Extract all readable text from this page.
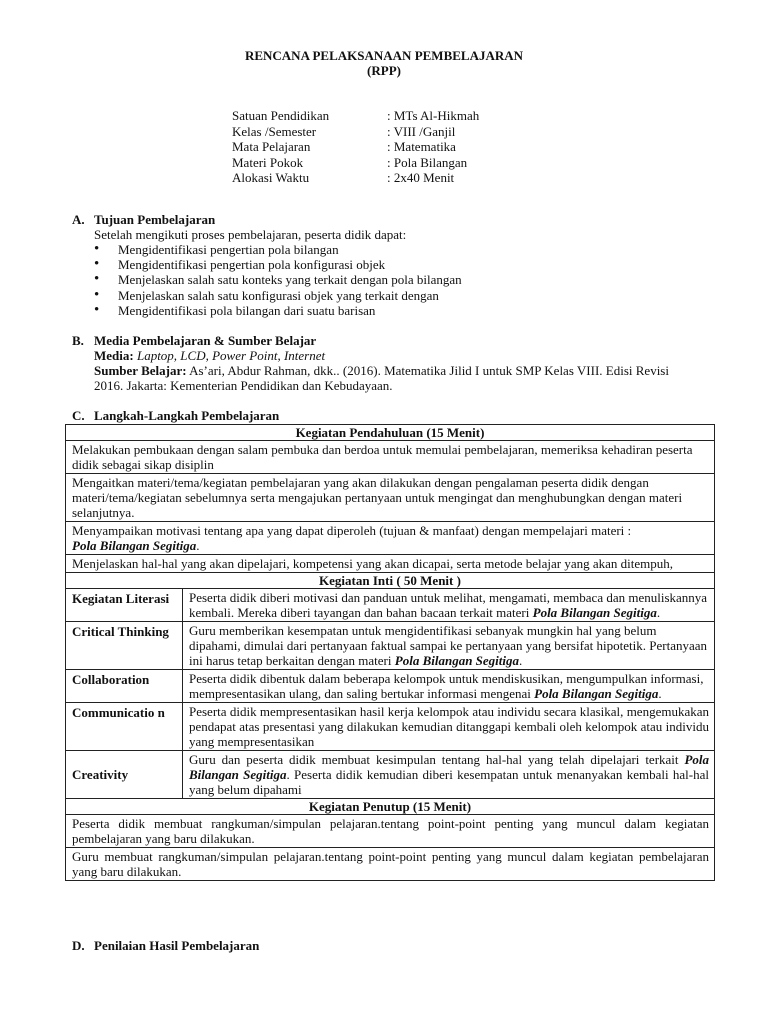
RENCANA PELAKSANAAN PEMBELAJARAN
(RPP)
Satuan Pendidikan	: MTs Al-Hikmah
Kelas /Semester	: VIII /Ganjil
Mata Pelajaran	: Matematika
Materi Pokok	: Pola Bilangan
Alokasi Waktu	: 2x40 Menit
A. Tujuan Pembelajaran
Setelah mengikuti proses pembelajaran, peserta didik dapat:
• Mengidentifikasi pengertian pola bilangan
• Mengidentifikasi pengertian pola konfigurasi objek
• Menjelaskan salah satu konteks yang terkait dengan pola bilangan
• Menjelaskan salah satu konfigurasi objek yang terkait dengan
• Mengidentifikasi pola bilangan dari suatu barisan
B. Media Pembelajaran & Sumber Belajar
Media: Laptop, LCD, Power Point, Internet
Sumber Belajar: As’ari, Abdur Rahman, dkk.. (2016). Matematika Jilid I untuk SMP Kelas VIII. Edisi Revisi 2016. Jakarta: Kementerian Pendidikan dan Kebudayaan.
C. Langkah-Langkah Pembelajaran
Kegiatan Pendahuluan (15 Menit)	
Melakukan pembukaan dengan salam pembuka dan berdoa untuk memulai pembelajaran, memeriksa kehadiran peserta didik sebagai sikap disiplin	
Mengaitkan materi/tema/kegiatan pembelajaran yang akan dilakukan dengan pengalaman peserta didik dengan materi/tema/kegiatan sebelumnya serta mengajukan pertanyaan untuk mengingat dan menghubungkan dengan materi selanjutnya.	
Menyampaikan motivasi tentang apa yang dapat diperoleh (tujuan & manfaat) dengan mempelajari materi :
Pola Bilangan Segitiga.	
Menjelaskan hal-hal yang akan dipelajari, kompetensi yang akan dicapai, serta metode belajar yang akan ditempuh,	
Kegiatan Inti ( 50 Menit )	
Kegiatan Literasi	Peserta didik diberi motivasi dan panduan untuk melihat, mengamati, membaca dan menuliskannya kembali. Mereka diberi tayangan dan bahan bacaan terkait materi Pola Bilangan Segitiga.
Critical Thinking	Guru memberikan kesempatan untuk mengidentifikasi sebanyak mungkin hal yang belum dipahami, dimulai dari pertanyaan faktual sampai ke pertanyaan yang bersifat hipotetik. Pertanyaan ini harus tetap berkaitan dengan materi Pola Bilangan Segitiga.
Collaboration	Peserta didik dibentuk dalam beberapa kelompok untuk mendiskusikan, mengumpulkan informasi, mempresentasikan ulang, dan saling bertukar informasi mengenai Pola Bilangan Segitiga.
Communicatio n	Peserta didik mempresentasikan hasil kerja kelompok atau individu secara klasikal, mengemukakan pendapat atas presentasi yang dilakukan kemudian ditanggapi kembali oleh kelompok atau individu yang mempresentasikan
Creativity	Guru dan peserta didik membuat kesimpulan tentang hal-hal yang telah dipelajari terkait Pola Bilangan Segitiga. Peserta didik kemudian diberi kesempatan untuk menanyakan kembali hal-hal yang belum dipahami
Kegiatan Penutup (15 Menit)	
Peserta didik membuat rangkuman/simpulan pelajaran.tentang point-point penting yang muncul dalam kegiatan pembelajaran yang baru dilakukan.	
Guru membuat rangkuman/simpulan pelajaran.tentang point-point penting yang muncul dalam kegiatan pembelajaran yang baru dilakukan.	
D. Penilaian Hasil Pembelajaran
